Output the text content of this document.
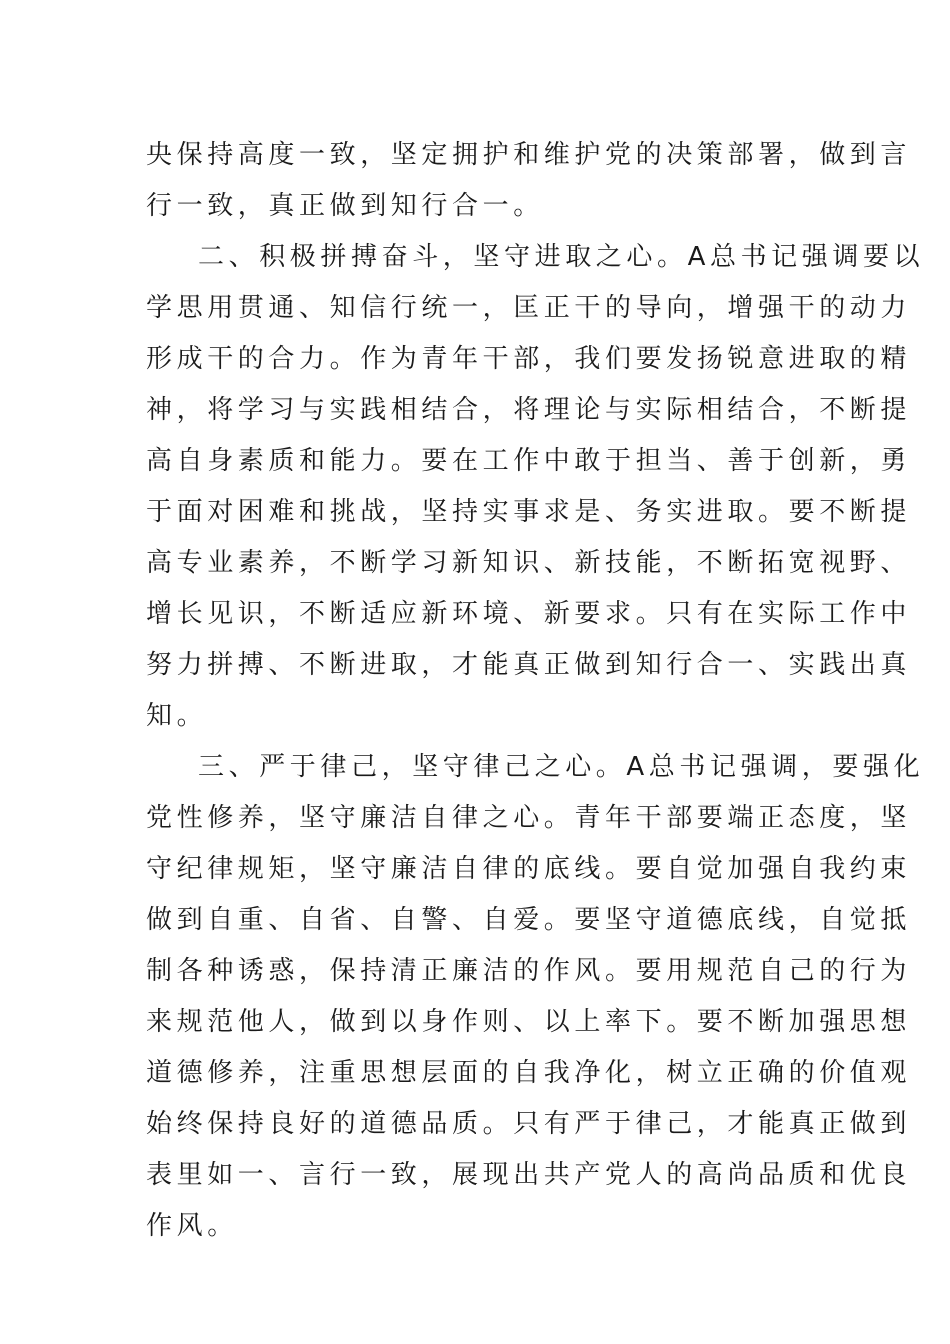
央保持高度一致，坚定拥护和维护党的决策部署，做到言
行一致，真正做到知行合一。
二、积极拼搏奋斗，坚守进取之心。A总书记强调要以
学思用贯通、知信行统一，匡正干的导向，增强干的动力
形成干的合力。作为青年干部，我们要发扬锐意进取的精
神，将学习与实践相结合，将理论与实际相结合，不断提
高自身素质和能力。要在工作中敢于担当、善于创新，勇
于面对困难和挑战，坚持实事求是、务实进取。要不断提
高专业素养，不断学习新知识、新技能，不断拓宽视野、
增长见识，不断适应新环境、新要求。只有在实际工作中
努力拼搏、不断进取，才能真正做到知行合一、实践出真
知。
三、严于律己，坚守律己之心。A总书记强调，要强化
党性修养，坚守廉洁自律之心。青年干部要端正态度，坚
守纪律规矩，坚守廉洁自律的底线。要自觉加强自我约束
做到自重、自省、自警、自爱。要坚守道德底线，自觉抵
制各种诱惑，保持清正廉洁的作风。要用规范自己的行为
来规范他人，做到以身作则、以上率下。要不断加强思想
道德修养，注重思想层面的自我净化，树立正确的价值观
始终保持良好的道德品质。只有严于律己，才能真正做到
表里如一、言行一致，展现出共产党人的高尚品质和优良
作风。
